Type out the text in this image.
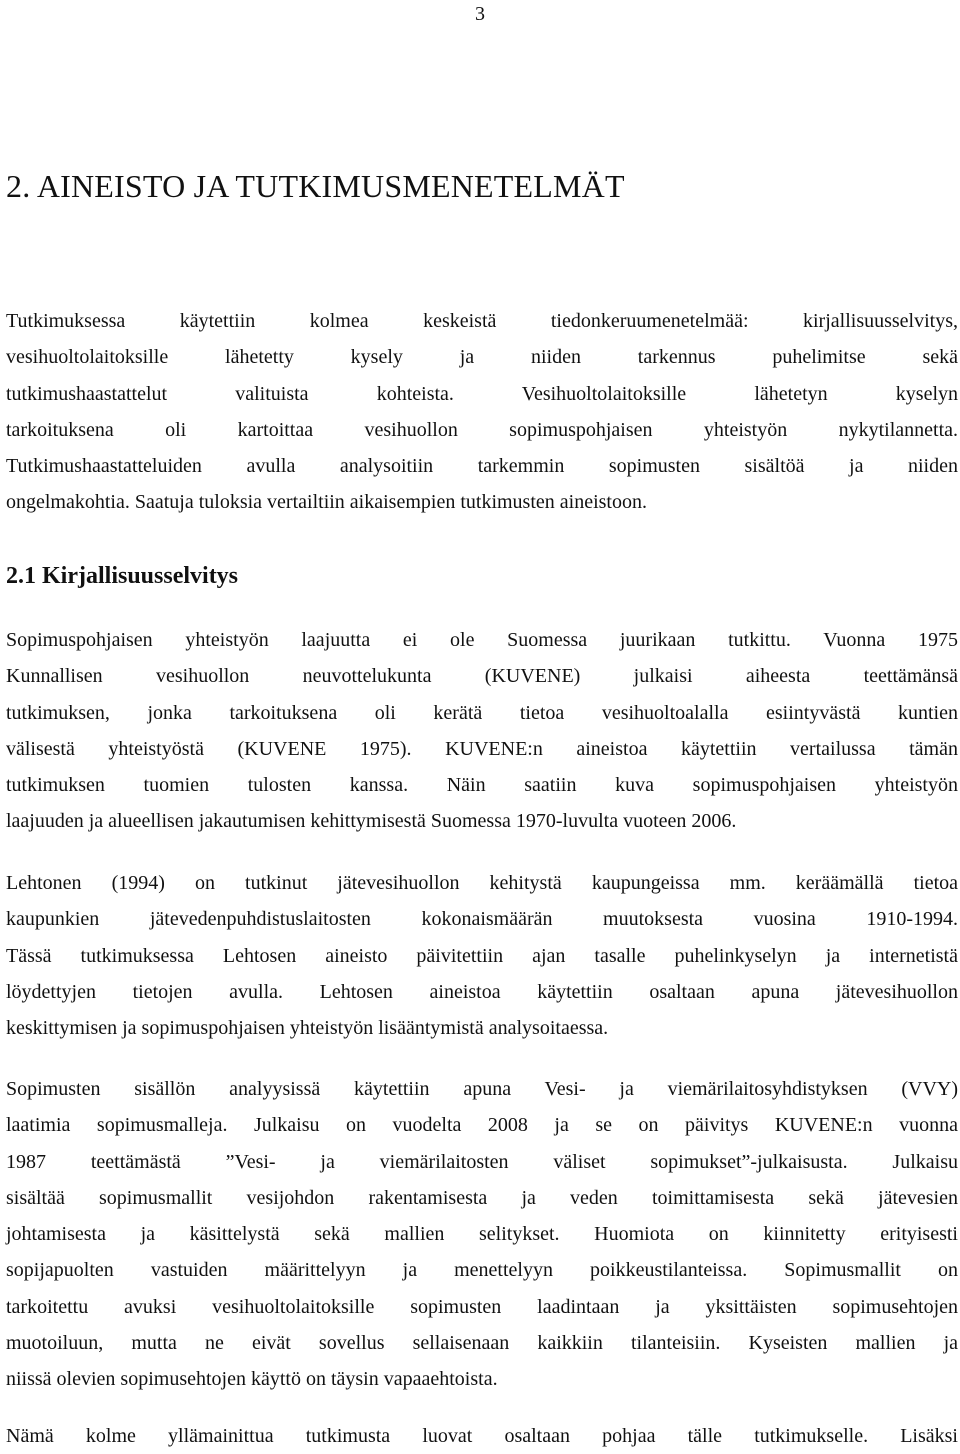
3
2. AINEISTO JA TUTKIMUSMENETELMÄT

Tutkimuksessa käytettiin kolmea keskeistä tiedonkeruumenetelmää: kirjallisuusselvitys,
vesihuoltolaitoksille lähetetty kysely ja niiden tarkennus puhelimitse sekä
tutkimushaastattelut valituista kohteista. Vesihuoltolaitoksille lähetetyn kyselyn
tarkoituksena oli kartoittaa vesihuollon sopimuspohjaisen yhteistyön nykytilannetta.
Tutkimushaastatteluiden avulla analysoitiin tarkemmin sopimusten sisältöä ja niiden
ongelmakohtia. Saatuja tuloksia vertailtiin aikaisempien tutkimusten aineistoon.

2.1 Kirjallisuusselvitys

Sopimuspohjaisen yhteistyön laajuutta ei ole Suomessa juurikaan tutkittu. Vuonna 1975
Kunnallisen vesihuollon neuvottelukunta (KUVENE) julkaisi aiheesta teettämänsä
tutkimuksen, jonka tarkoituksena oli kerätä tietoa vesihuoltoalalla esiintyvästä kuntien
välisestä yhteistyöstä (KUVENE 1975). KUVENE:n aineistoa käytettiin vertailussa tämän
tutkimuksen tuomien tulosten kanssa. Näin saatiin kuva sopimuspohjaisen yhteistyön
laajuuden ja alueellisen jakautumisen kehittymisestä Suomessa 1970-luvulta vuoteen 2006.

Lehtonen (1994) on tutkinut jätevesihuollon kehitystä kaupungeissa mm. keräämällä tietoa
kaupunkien jätevedenpuhdistuslaitosten kokonaismäärän muutoksesta vuosina 1910-1994.
Tässä tutkimuksessa Lehtosen aineisto päivitettiin ajan tasalle puhelinkyselyn ja internetistä
löydettyjen tietojen avulla. Lehtosen aineistoa käytettiin osaltaan apuna jätevesihuollon
keskittymisen ja sopimuspohjaisen yhteistyön lisääntymistä analysoitaessa.

Sopimusten sisällön analyysissä käytettiin apuna Vesi- ja viemärilaitosyhdistyksen (VVY)
laatimia sopimusmalleja. Julkaisu on vuodelta 2008 ja se on päivitys KUVENE:n vuonna
1987 teettämästä ”Vesi- ja viemärilaitosten väliset sopimukset”-julkaisusta. Julkaisu
sisältää sopimusmallit vesijohdon rakentamisesta ja veden toimittamisesta sekä jätevesien
johtamisesta ja käsittelystä sekä mallien selitykset. Huomiota on kiinnitetty erityisesti
sopijapuolten vastuiden määrittelyyn ja menettelyyn poikkeustilanteissa. Sopimusmallit on
tarkoitettu avuksi vesihuoltolaitoksille sopimusten laadintaan ja yksittäisten sopimusehtojen
muotoiluun, mutta ne eivät sovellus sellaisenaan kaikkiin tilanteisiin. Kyseisten mallien ja
niissä olevien sopimusehtojen käyttö on täysin vapaaehtoista.

Nämä kolme yllämainittua tutkimusta luovat osaltaan pohjaa tälle tutkimukselle. Lisäksi
